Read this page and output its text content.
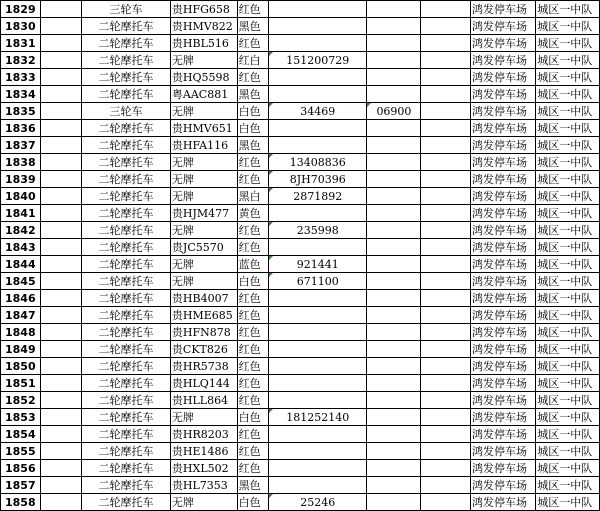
1829		三轮车	贵HFG658	红色				鸿发停车场	城区一中队
1830		二轮摩托车	贵HMV822	黑色				鸿发停车场	城区一中队
1831		二轮摩托车	贵HBL516	红色				鸿发停车场	城区一中队
1832		二轮摩托车	无牌	红白	151200729			鸿发停车场	城区一中队
1833		二轮摩托车	贵HQ5598	红色				鸿发停车场	城区一中队
1834		二轮摩托车	粤AAC881	黑色				鸿发停车场	城区一中队
1835		三轮车	无牌	白色	34469	06900		鸿发停车场	城区一中队
1836		二轮摩托车	贵HMV651	白色				鸿发停车场	城区一中队
1837		二轮摩托车	贵HFA116	黑色				鸿发停车场	城区一中队
1838		二轮摩托车	无牌	红色	13408836			鸿发停车场	城区一中队
1839		二轮摩托车	无牌	红色	8JH70396			鸿发停车场	城区一中队
1840		二轮摩托车	无牌	黑白	2871892			鸿发停车场	城区一中队
1841		二轮摩托车	贵HJM477	黄色				鸿发停车场	城区一中队
1842		二轮摩托车	无牌	红色	235998			鸿发停车场	城区一中队
1843		二轮摩托车	贵JC5570	红色				鸿发停车场	城区一中队
1844		二轮摩托车	无牌	蓝色	921441			鸿发停车场	城区一中队
1845		二轮摩托车	无牌	白色	671100			鸿发停车场	城区一中队
1846		二轮摩托车	贵HB4007	红色				鸿发停车场	城区一中队
1847		二轮摩托车	贵HME685	红色				鸿发停车场	城区一中队
1848		二轮摩托车	贵HFN878	红色				鸿发停车场	城区一中队
1849		二轮摩托车	贵CKT826	红色				鸿发停车场	城区一中队
1850		二轮摩托车	贵HR5738	红色				鸿发停车场	城区一中队
1851		二轮摩托车	贵HLQ144	红色				鸿发停车场	城区一中队
1852		二轮摩托车	贵HLL864	红色				鸿发停车场	城区一中队
1853		二轮摩托车	无牌	白色	181252140			鸿发停车场	城区一中队
1854		二轮摩托车	贵HR8203	红色				鸿发停车场	城区一中队
1855		二轮摩托车	贵HE1486	红色				鸿发停车场	城区一中队
1856		二轮摩托车	贵HXL502	红色				鸿发停车场	城区一中队
1857		二轮摩托车	贵HL7353	黑色				鸿发停车场	城区一中队
1858		二轮摩托车	无牌	白色	25246			鸿发停车场	城区一中队
